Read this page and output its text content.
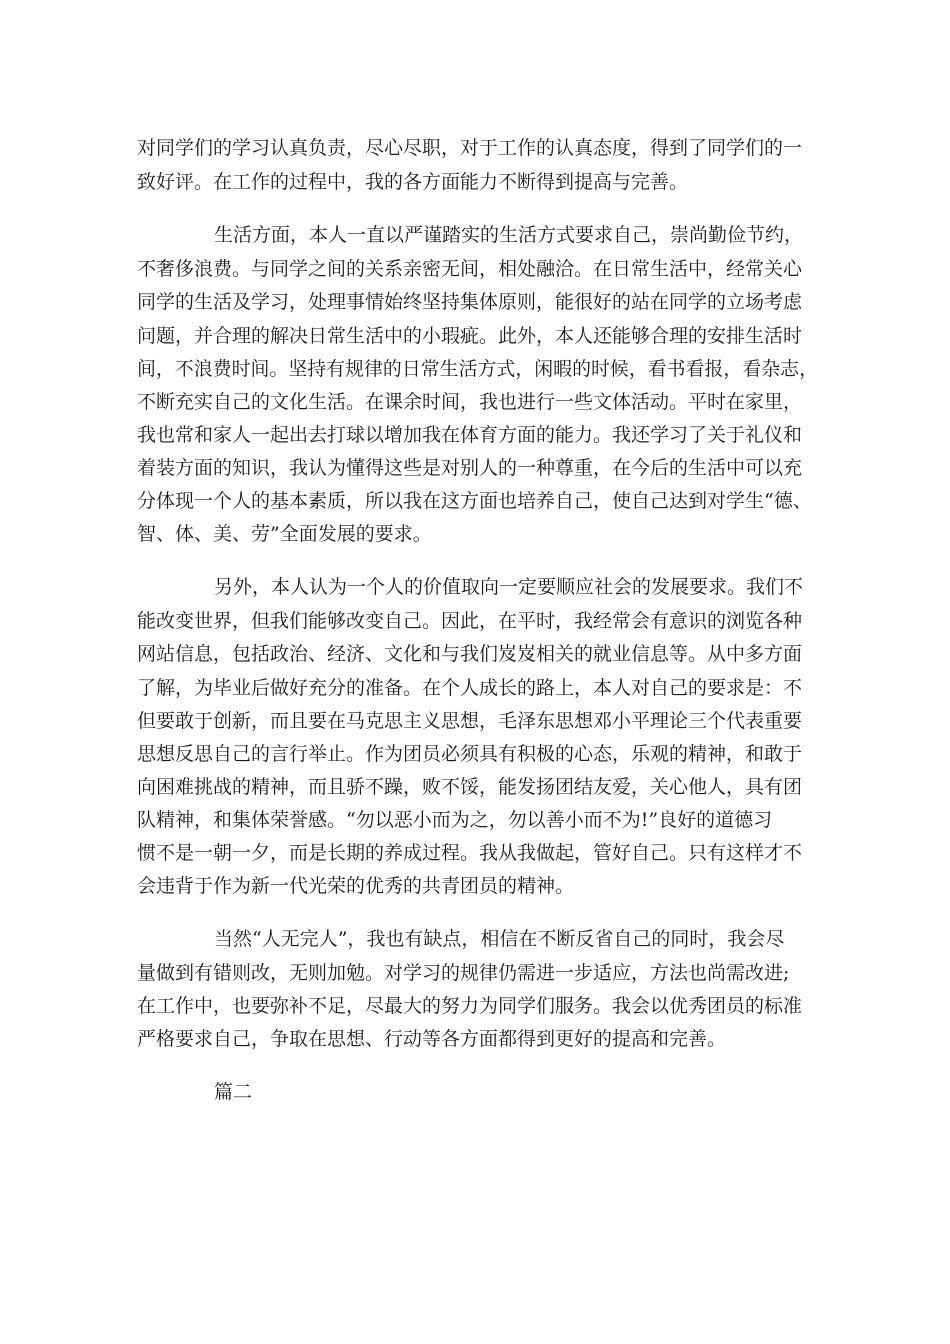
对同学们的学习认真负责，尽心尽职，对于工作的认真态度，得到了同学们的一
致好评。在工作的过程中，我的各方面能力不断得到提高与完善。
生活方面，本人一直以严谨踏实的生活方式要求自己，崇尚勤俭节约，
不奢侈浪费。与同学之间的关系亲密无间，相处融洽。在日常生活中，经常关心
同学的生活及学习，处理事情始终坚持集体原则，能很好的站在同学的立场考虑
问题，并合理的解决日常生活中的小瑕疵。此外，本人还能够合理的安排生活时
间，不浪费时间。坚持有规律的日常生活方式，闲暇的时候，看书看报，看杂志，
不断充实自己的文化生活。在课余时间，我也进行一些文体活动。平时在家里，
我也常和家人一起出去打球以增加我在体育方面的能力。我还学习了关于礼仪和
着装方面的知识，我认为懂得这些是对别人的一种尊重，在今后的生活中可以充
分体现一个人的基本素质，所以我在这方面也培养自己，使自己达到对学生“德、
智、体、美、劳”全面发展的要求。
另外，本人认为一个人的价值取向一定要顺应社会的发展要求。我们不
能改变世界，但我们能够改变自己。因此，在平时，我经常会有意识的浏览各种
网站信息，包括政治、经济、文化和与我们岌岌相关的就业信息等。从中多方面
了解，为毕业后做好充分的准备。在个人成长的路上，本人对自己的要求是：不
但要敢于创新，而且要在马克思主义思想，毛泽东思想邓小平理论三个代表重要
思想反思自己的言行举止。作为团员必须具有积极的心态，乐观的精神，和敢于
向困难挑战的精神，而且骄不躁，败不馁，能发扬团结友爱，关心他人，具有团
队精神，和集体荣誉感。“勿以恶小而为之，勿以善小而不为!”良好的道德习
惯不是一朝一夕，而是长期的养成过程。我从我做起，管好自己。只有这样才不
会违背于作为新一代光荣的优秀的共青团员的精神。
当然“人无完人”，我也有缺点，相信在不断反省自己的同时，我会尽
量做到有错则改，无则加勉。对学习的规律仍需进一步适应，方法也尚需改进;
在工作中，也要弥补不足，尽最大的努力为同学们服务。我会以优秀团员的标准
严格要求自己，争取在思想、行动等各方面都得到更好的提高和完善。
篇二
